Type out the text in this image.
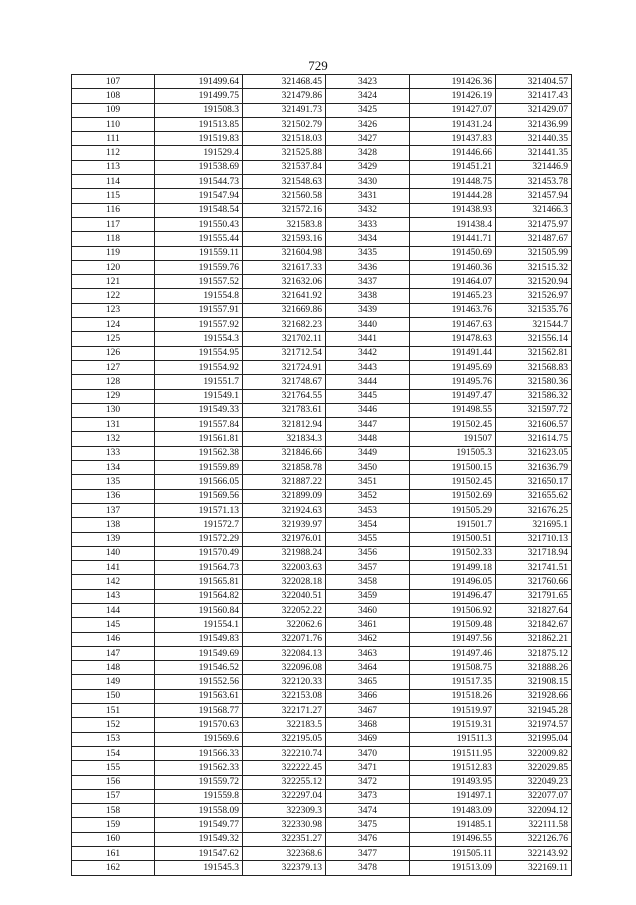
729
107	191499.64	321468.45	3423	191426.36	321404.57
108	191499.75	321479.86	3424	191426.19	321417.43
109	191508.3	321491.73	3425	191427.07	321429.07
110	191513.85	321502.79	3426	191431.24	321436.99
111	191519.83	321518.03	3427	191437.83	321440.35
112	191529.4	321525.88	3428	191446.66	321441.35
113	191538.69	321537.84	3429	191451.21	321446.9
114	191544.73	321548.63	3430	191448.75	321453.78
115	191547.94	321560.58	3431	191444.28	321457.94
116	191548.54	321572.16	3432	191438.93	321466.3
117	191550.43	321583.8	3433	191438.4	321475.97
118	191555.44	321593.16	3434	191441.71	321487.67
119	191559.11	321604.98	3435	191450.69	321505.99
120	191559.76	321617.33	3436	191460.36	321515.32
121	191557.52	321632.06	3437	191464.07	321520.94
122	191554.8	321641.92	3438	191465.23	321526.97
123	191557.91	321669.86	3439	191463.76	321535.76
124	191557.92	321682.23	3440	191467.63	321544.7
125	191554.3	321702.11	3441	191478.63	321556.14
126	191554.95	321712.54	3442	191491.44	321562.81
127	191554.92	321724.91	3443	191495.69	321568.83
128	191551.7	321748.67	3444	191495.76	321580.36
129	191549.1	321764.55	3445	191497.47	321586.32
130	191549.33	321783.61	3446	191498.55	321597.72
131	191557.84	321812.94	3447	191502.45	321606.57
132	191561.81	321834.3	3448	191507	321614.75
133	191562.38	321846.66	3449	191505.3	321623.05
134	191559.89	321858.78	3450	191500.15	321636.79
135	191566.05	321887.22	3451	191502.45	321650.17
136	191569.56	321899.09	3452	191502.69	321655.62
137	191571.13	321924.63	3453	191505.29	321676.25
138	191572.7	321939.97	3454	191501.7	321695.1
139	191572.29	321976.01	3455	191500.51	321710.13
140	191570.49	321988.24	3456	191502.33	321718.94
141	191564.73	322003.63	3457	191499.18	321741.51
142	191565.81	322028.18	3458	191496.05	321760.66
143	191564.82	322040.51	3459	191496.47	321791.65
144	191560.84	322052.22	3460	191506.92	321827.64
145	191554.1	322062.6	3461	191509.48	321842.67
146	191549.83	322071.76	3462	191497.56	321862.21
147	191549.69	322084.13	3463	191497.46	321875.12
148	191546.52	322096.08	3464	191508.75	321888.26
149	191552.56	322120.33	3465	191517.35	321908.15
150	191563.61	322153.08	3466	191518.26	321928.66
151	191568.77	322171.27	3467	191519.97	321945.28
152	191570.63	322183.5	3468	191519.31	321974.57
153	191569.6	322195.05	3469	191511.3	321995.04
154	191566.33	322210.74	3470	191511.95	322009.82
155	191562.33	322222.45	3471	191512.83	322029.85
156	191559.72	322255.12	3472	191493.95	322049.23
157	191559.8	322297.04	3473	191497.1	322077.07
158	191558.09	322309.3	3474	191483.09	322094.12
159	191549.77	322330.98	3475	191485.1	322111.58
160	191549.32	322351.27	3476	191496.55	322126.76
161	191547.62	322368.6	3477	191505.11	322143.92
162	191545.3	322379.13	3478	191513.09	322169.11
